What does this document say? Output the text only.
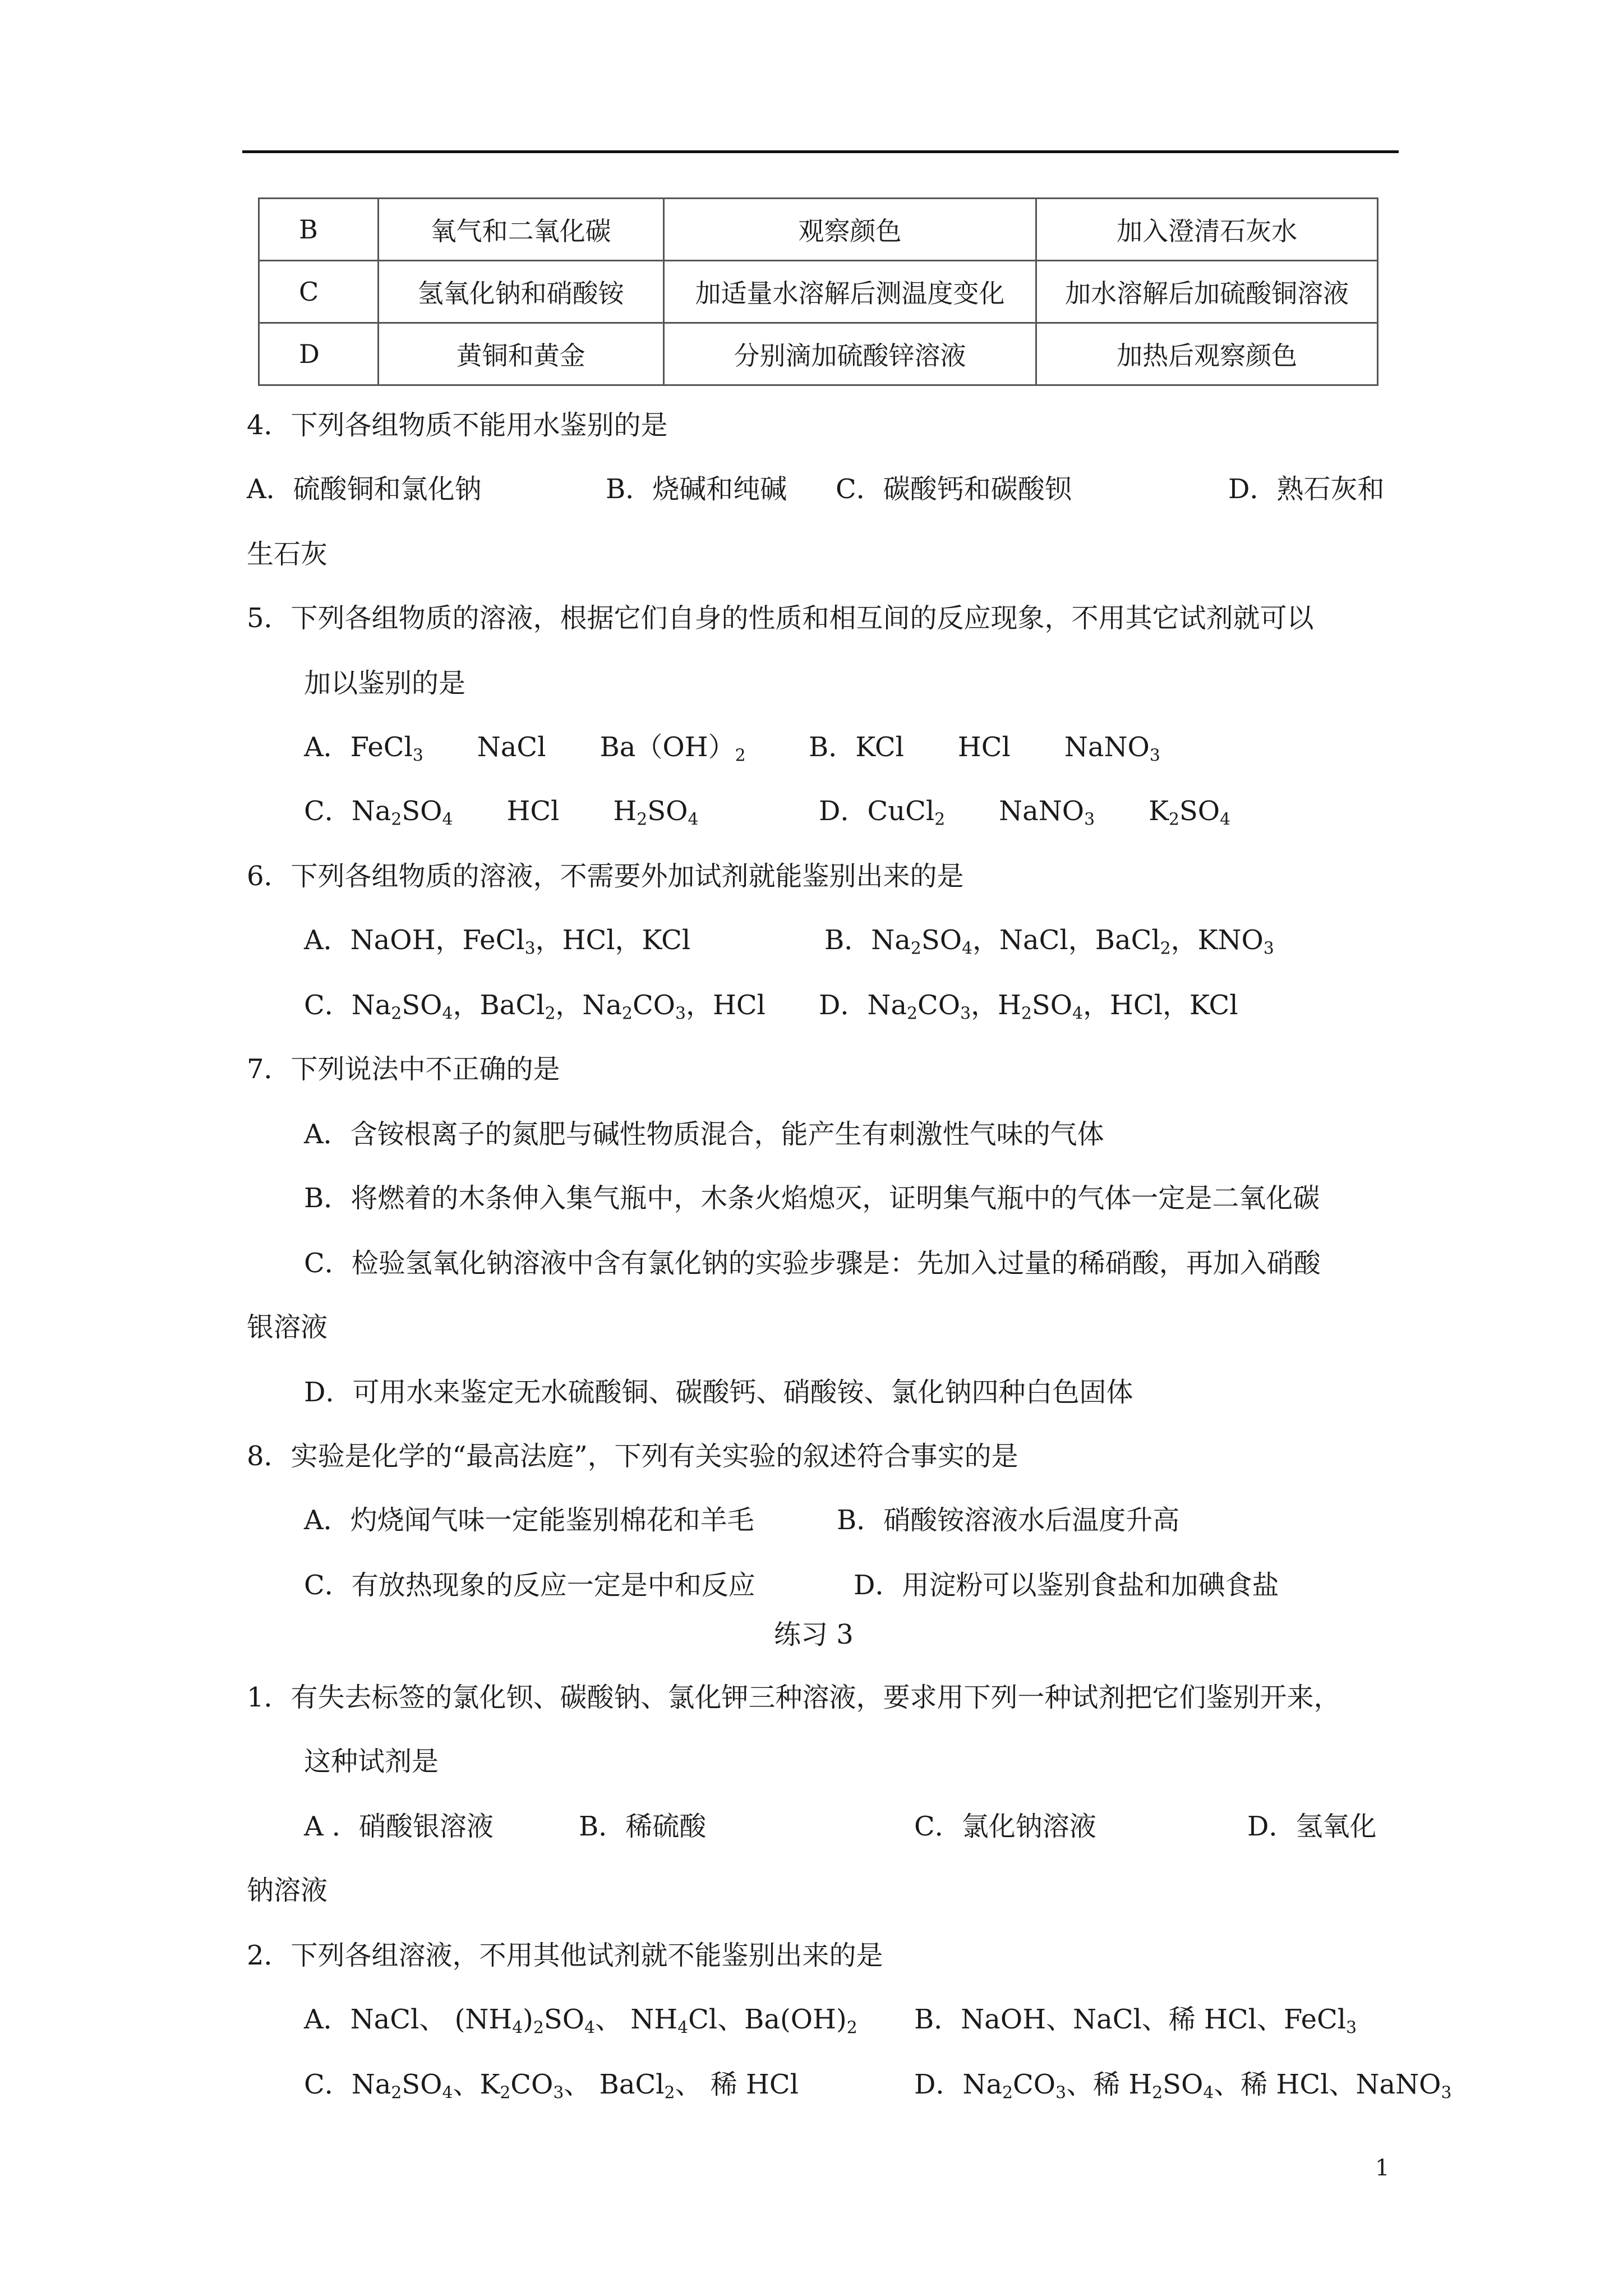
B	氧气和二氧化碳	观察颜色	加入澄清石灰水
C	氢氧化钠和硝酸铵	加适量水溶解后测温度变化	加水溶解后加硫酸铜溶液
D	黄铜和黄金	分别滴加硫酸锌溶液	加热后观察颜色
4．下列各组物质不能用水鉴别的是
A．硫酸铜和氯化钠	B．烧碱和纯碱 C．碳酸钙和碳酸钡	D．熟石灰和
生石灰
5．下列各组物质的溶液，根据它们自身的性质和相互间的反应现象，不用其它试剂就可以
加以鉴别的是
A．FeCl$_3$　　NaCl　　$Ba(OH)_2$ B．KCl　　HCl　　NaNO$_3$
C．$Na_2SO_4$　　HCl　　$H_2SO_4$	D．CuCl$_2$　　NaNO$_3$　　$K_2SO_4$
6．下列各组物质的溶液，不需要外加试剂就能鉴别出来的是
A．NaOH，FeCl$_3$，HCl，KCl	B．$Na_2SO_4$，NaCl，BaCl$_2$，$KNO_3$
C．$Na_2SO_4$，BaCl$_2$，$Na_2CO_3$，HCl D．$Na_2CO_3$，$H_2SO_4$，HCl，KCl
7．下列说法中不正确的是
A．含铵根离子的氮肥与碱性物质混合，能产生有刺激性气味的气体
B．将燃着的木条伸入集气瓶中，木条火焰熄灭，证明集气瓶中的气体一定是二氧化碳
C．检验氢氧化钠溶液中含有氯化钠的实验步骤是：先加入过量的稀硝酸，再加入硝酸
银溶液
D．可用水来鉴定无水硫酸铜、碳酸钙、硝酸铵、氯化钠四种白色固体
8．实验是化学的“最高法庭”，下列有关实验的叙述符合事实的是
A．灼烧闻气味一定能鉴别棉花和羊毛	B．硝酸铵溶液水后温度升高
C．有放热现象的反应一定是中和反应	D．用淀粉可以鉴别食盐和加碘食盐
练习 3
1．有失去标签的氯化钡、碳酸钠、氯化钾三种溶液，要求用下列一种试剂把它们鉴别开来，
这种试剂是
A ．硝酸银溶液	B．稀硫酸	C．氯化钠溶液	D．氢氧化
钠溶液
2．下列各组溶液，不用其他试剂就不能鉴别出来的是
A．NaCl、 $(NH_4)_2SO_4$、 $NH_4Cl$、$Ba(OH)_2$ B．NaOH、NaCl、稀 HCl、FeCl$_3$
C．$Na_2SO_4$、$K_2CO_3$、 BaCl$_2$、 稀 HCl	D．$Na_2CO_3$、稀 $H_2SO_4$、稀 HCl、NaNO$_3$
1
